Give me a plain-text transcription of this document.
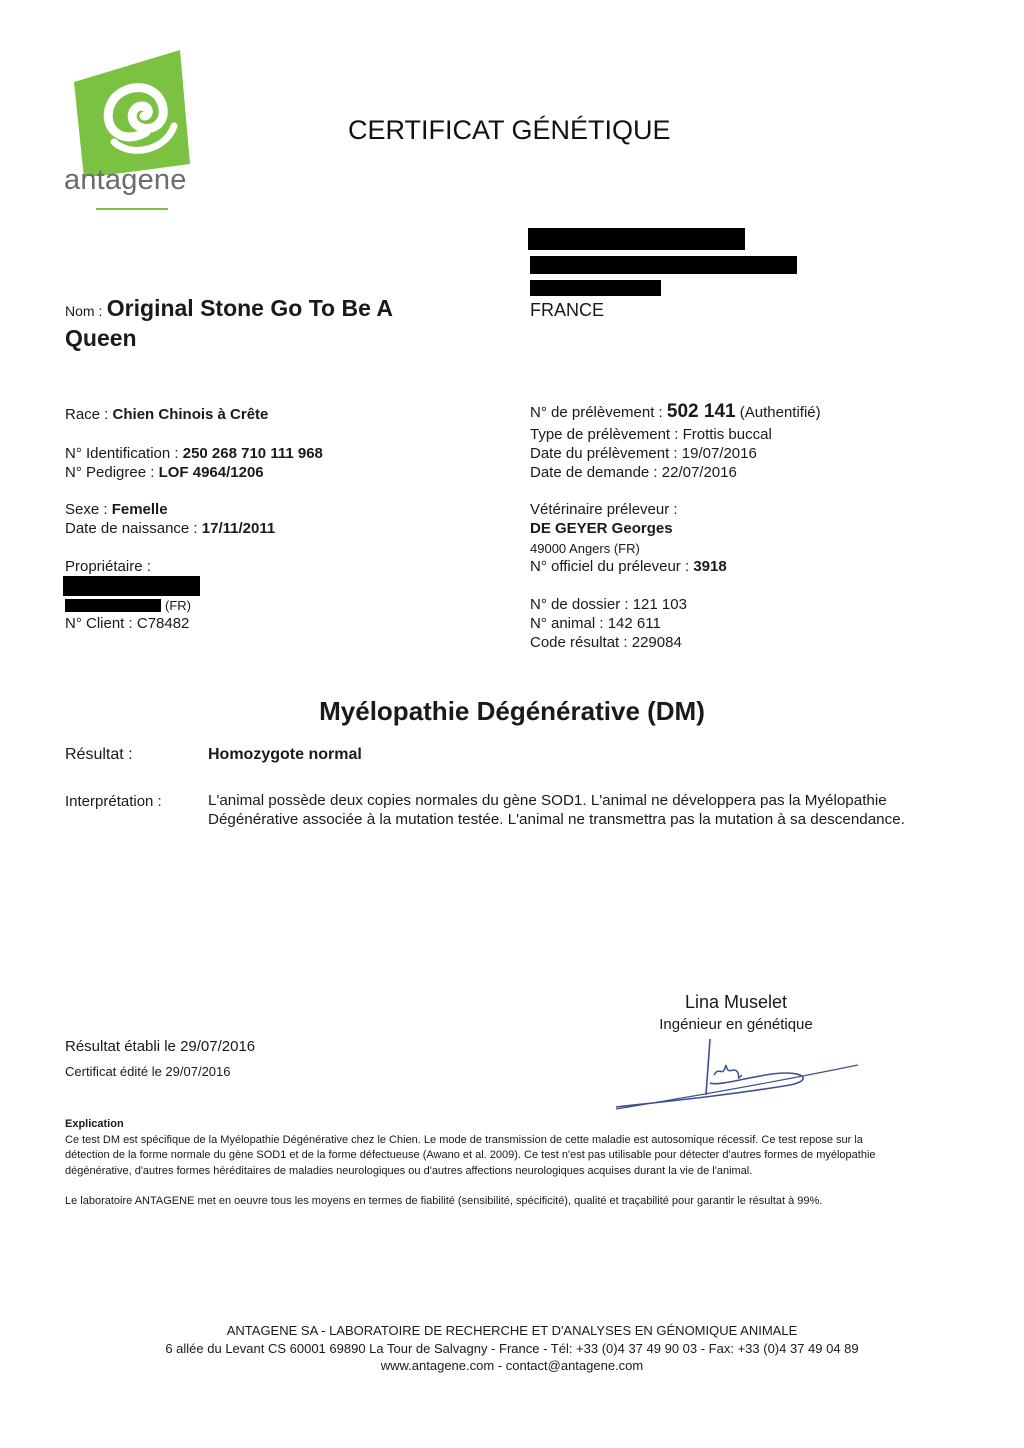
antagene
CERTIFICAT GÉNÉTIQUE
FRANCE
Nom : Original Stone Go To Be A
Queen
Race : Chien Chinois à Crête
N° Identification : 250 268 710 111 968
N° Pedigree : LOF 4964/1206
Sexe : Femelle
Date de naissance : 17/11/2011
Propriétaire :
(FR)
N° Client : C78482
N° de prélèvement : 502 141 (Authentifié)
Type de prélèvement : Frottis buccal
Date du prélèvement : 19/07/2016
Date de demande : 22/07/2016
Vétérinaire préleveur :
DE GEYER Georges
49000 Angers (FR)
N° officiel du préleveur : 3918
N° de dossier : 121 103
N° animal : 142 611
Code résultat : 229084
Myélopathie Dégénérative (DM)
Résultat :	Homozygote normal
Interprétation :	L'animal possède deux copies normales du gène SOD1. L'animal ne développera pas la Myélopathie
Dégénérative associée à la mutation testée. L'animal ne transmettra pas la mutation à sa descendance.
Lina Muselet
Ingénieur en génétique
Résultat établi le 29/07/2016
Certificat édité le 29/07/2016
Explication
Ce test DM est spécifique de la Myélopathie Dégénérative chez le Chien. Le mode de transmission de cette maladie est autosomique récessif. Ce test repose sur la
détection de la forme normale du gène SOD1 et de la forme défectueuse (Awano et al. 2009). Ce test n'est pas utilisable pour détecter d'autres formes de myélopathie
dégénérative, d'autres formes héréditaires de maladies neurologiques ou d'autres affections neurologiques acquises durant la vie de l'animal.
Le laboratoire ANTAGENE met en oeuvre tous les moyens en termes de fiabilité (sensibilité, spécificité), qualité et traçabilité pour garantir le résultat à 99%.
ANTAGENE SA - LABORATOIRE DE RECHERCHE ET D'ANALYSES EN GÉNOMIQUE ANIMALE
6 allée du Levant CS 60001 69890 La Tour de Salvagny - France - Tél: +33 (0)4 37 49 90 03 - Fax: +33 (0)4 37 49 04 89
www.antagene.com - contact@antagene.com
